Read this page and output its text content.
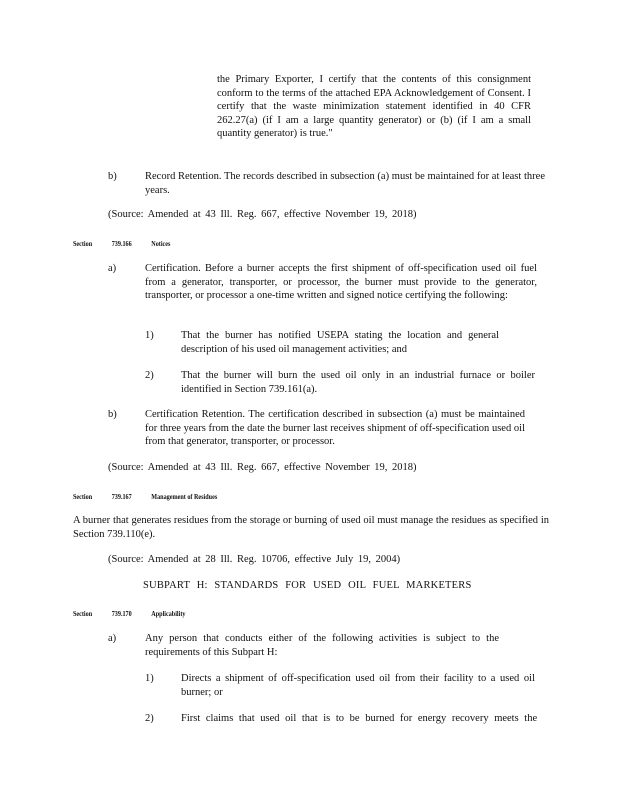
the Primary Exporter, I certify that the contents of this consignment conform to the terms of the attached EPA Acknowledgement of Consent. I certify that the waste minimization statement identified in 40 CFR 262.27(a) (if I am a large quantity generator) or (b) (if I am a small quantity generator) is true."

b)	Record Retention. The records described in subsection (a) must be maintained for at least three years.

(Source: Amended at 43 Ill. Reg. 667, effective November 19, 2018)

Section	739.166	Notices
a)	Certification. Before a burner accepts the first shipment of off-specification used oil fuel from a generator, transporter, or processor, the burner must provide to the generator, transporter, or processor a one-time written and signed notice certifying the following:

1)	That the burner has notified USEPA stating the location and general description of his used oil management activities; and

2)	That the burner will burn the used oil only in an industrial furnace or boiler identified in Section 739.161(a).

b)	Certification Retention. The certification described in subsection (a) must be maintained for three years from the date the burner last receives shipment of off-specification used oil from that generator, transporter, or processor.

(Source: Amended at 43 Ill. Reg. 667, effective November 19, 2018)

Section	739.167	Management of Residues

A burner that generates residues from the storage or burning of used oil must manage the residues as specified in Section 739.110(e).

(Source: Amended at 28 Ill. Reg. 10706, effective July 19, 2004)

SUBPART H: STANDARDS FOR USED OIL FUEL MARKETERS
Section	739.170	Applicability
a)	Any person that conducts either of the following activities is subject to the requirements of this Subpart H:

1)	Directs a shipment of off-specification used oil from their facility to a used oil burner; or

2)	First claims that used oil that is to be burned for energy recovery meets the
